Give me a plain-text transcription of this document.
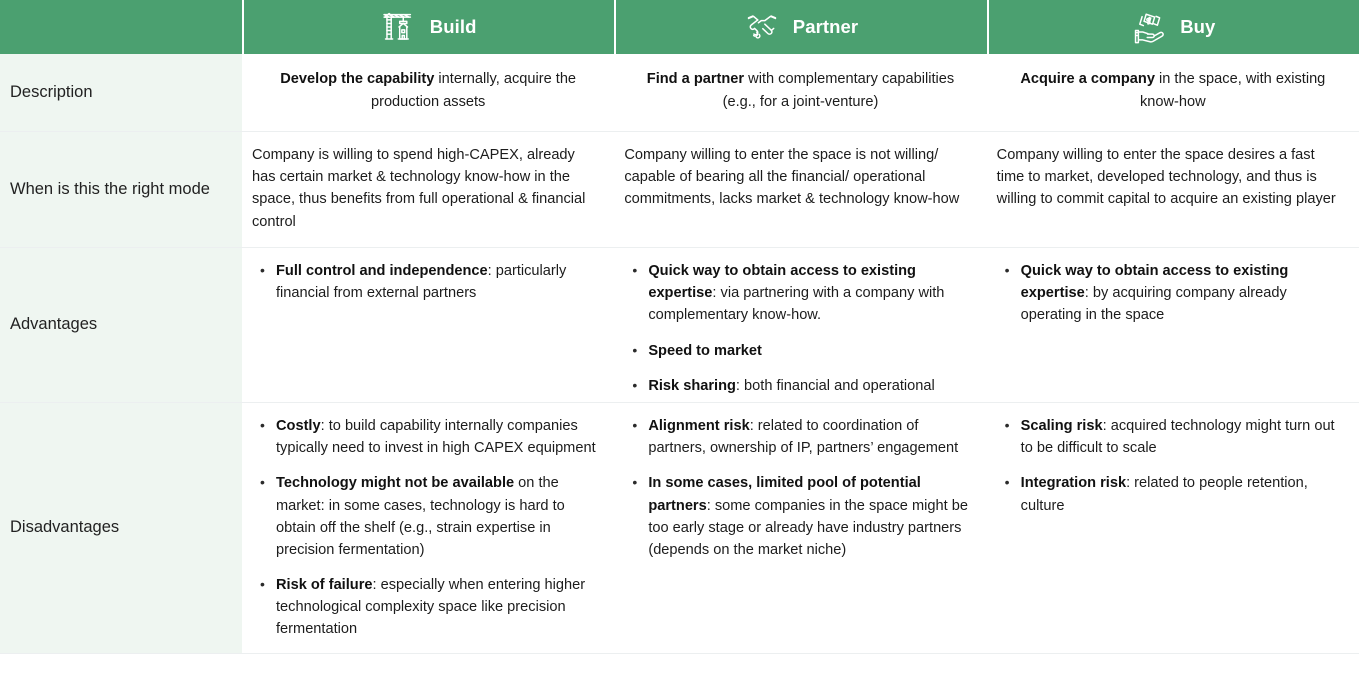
Build	Partner	Buy
Description
Develop the capability internally, acquire the production assets
Find a partner with complementary capabilities (e.g., for a joint-venture)
Acquire a company in the space, with existing know-how
When is this the right mode
Company is willing to spend high-CAPEX, already has certain market & technology know-how in the space, thus benefits from full operational & financial control
Company willing to enter the space is not willing/ capable of bearing all the financial/ operational commitments, lacks market & technology know-how
Company willing to enter the space desires a fast time to market, developed technology, and thus is willing to commit capital to acquire an existing player
Advantages
• Full control and independence: particularly financial from external partners
• Quick way to obtain access to existing expertise: via partnering with a company with complementary know-how.
• Speed to market
• Risk sharing: both financial and operational
• Quick way to obtain access to existing expertise: by acquiring company already operating in the space
Disadvantages
• Costly: to build capability internally companies typically need to invest in high CAPEX equipment
• Technology might not be available on the market: in some cases, technology is hard to obtain off the shelf (e.g., strain expertise in precision fermentation)
• Risk of failure: especially when entering higher technological complexity space like precision fermentation
• Alignment risk: related to coordination of partners, ownership of IP, partners’ engagement
• In some cases, limited pool of potential partners: some companies in the space might be too early stage or already have industry partners (depends on the market niche)
• Scaling risk: acquired technology might turn out to be difficult to scale
• Integration risk: related to people retention, culture
